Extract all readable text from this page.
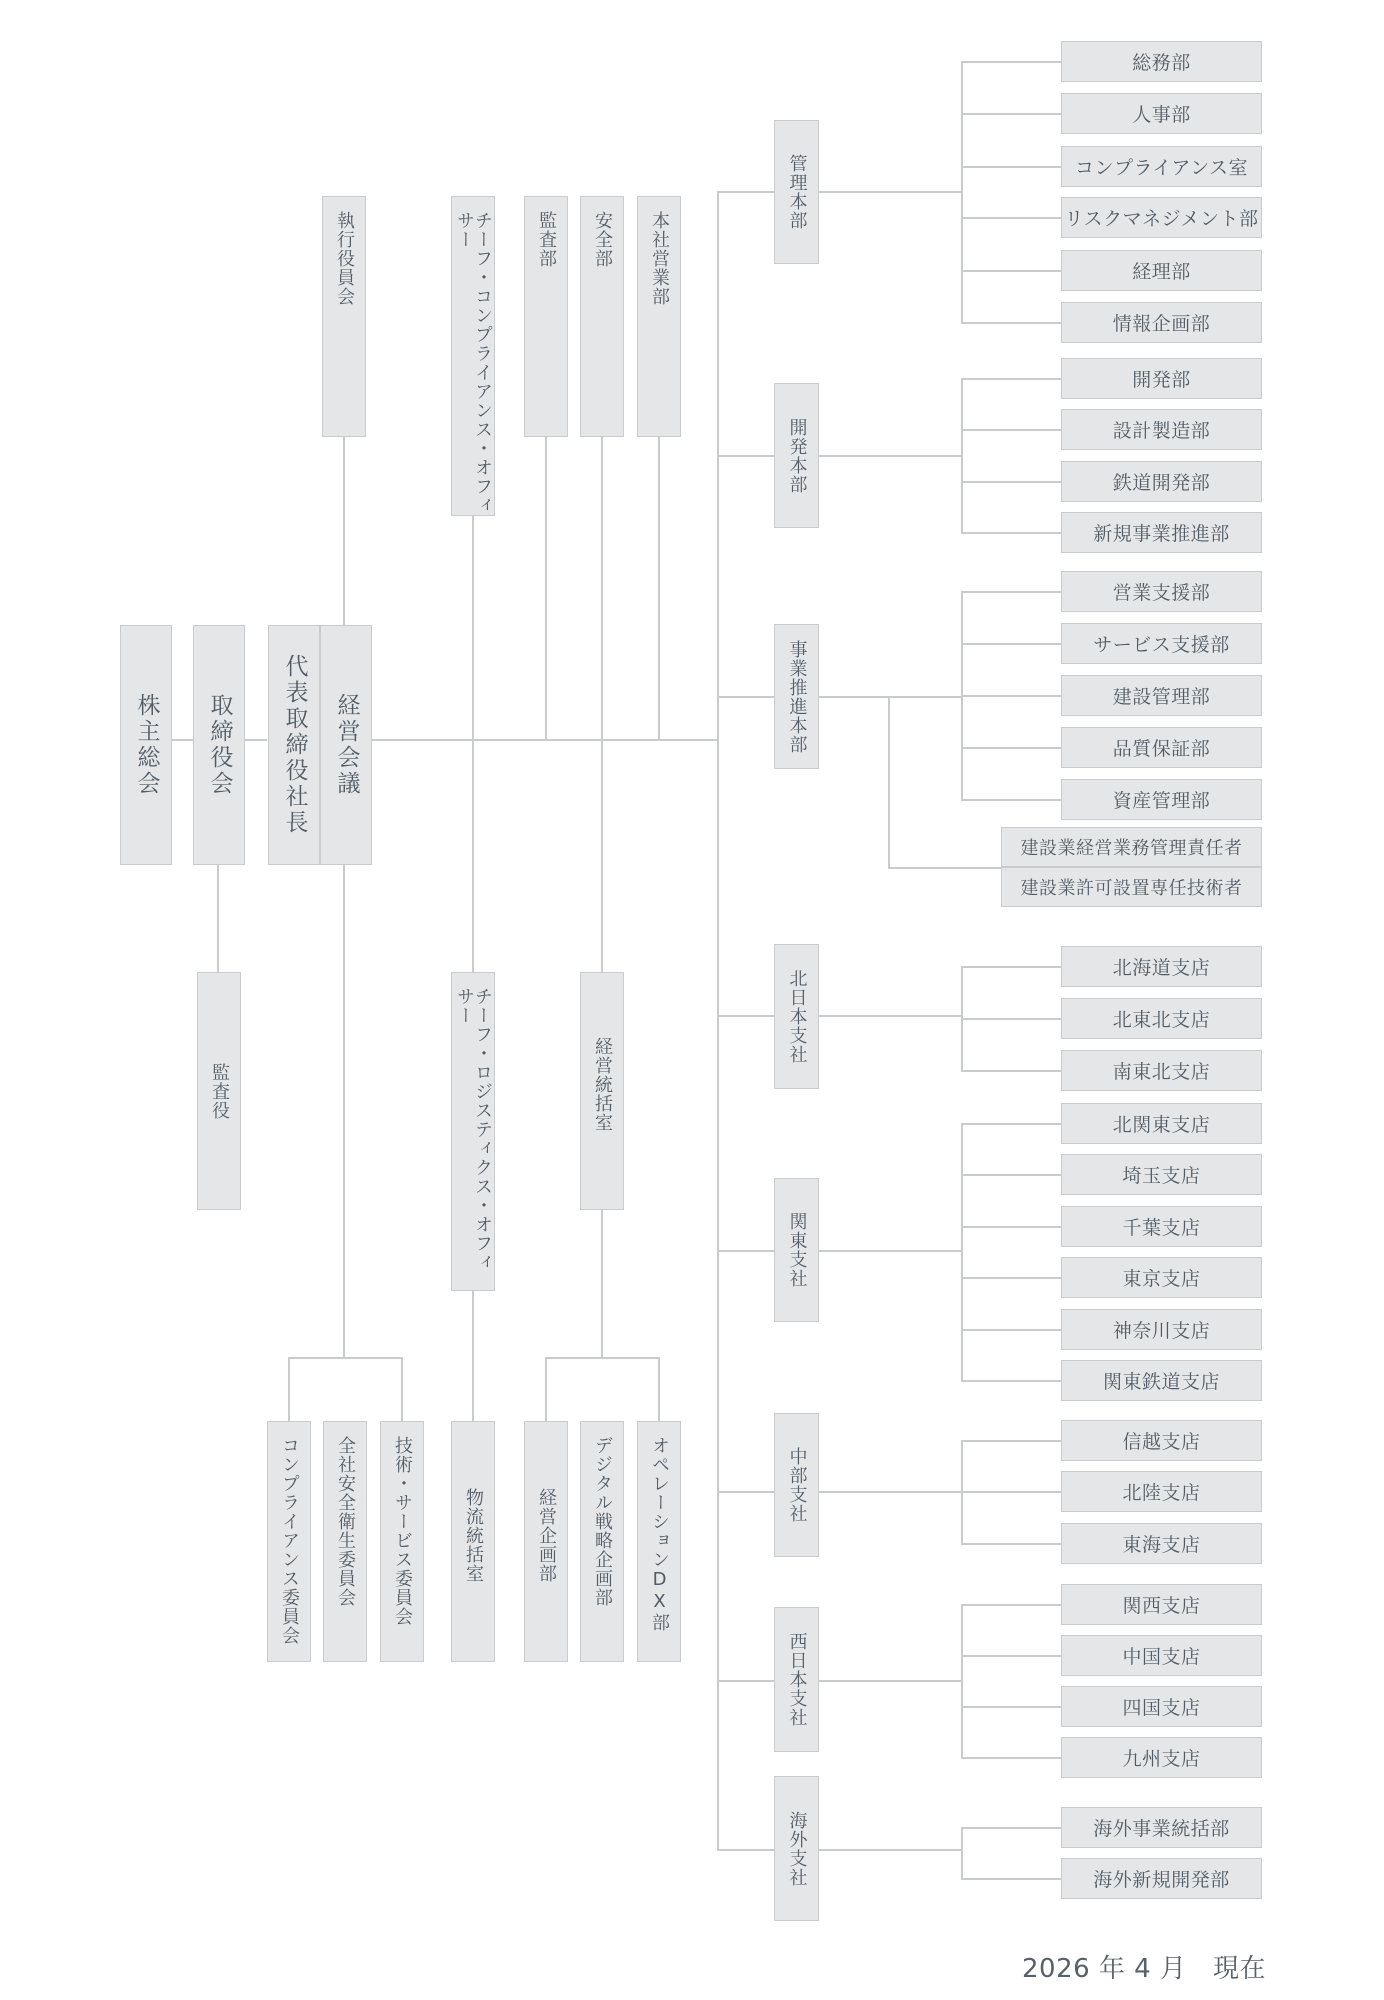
株主総会	取締役会	代表取締役社長	経営会議
監査役
執行役員会	チーフ・コンプライアンス・オフィサー	監査部	安全部	本社営業部
チーフ・ロジスティクス・オフィサー
経営統括室
コンプライアンス委員会	全社安全衛生委員会	技術・サービス委員会	物流統括室	経営企画部	デジタル戦略企画部	オペレーションDX部
管理本部
開発本部
事業推進本部
北日本支社
関東支社
中部支社
西日本支社
海外支社
総務部
人事部
コンプライアンス室
リスクマネジメント部
経理部
情報企画部
開発部
設計製造部
鉄道開発部
新規事業推進部
営業支援部
サービス支援部
建設管理部
品質保証部
資産管理部
建設業経営業務管理責任者
建設業許可設置専任技術者
北海道支店
北東北支店
南東北支店
北関東支店
埼玉支店
千葉支店
東京支店
神奈川支店
関東鉄道支店
信越支店
北陸支店
東海支店
関西支店
中国支店
四国支店
九州支店
海外事業統括部
海外新規開発部
2026 年 4 月　現在
